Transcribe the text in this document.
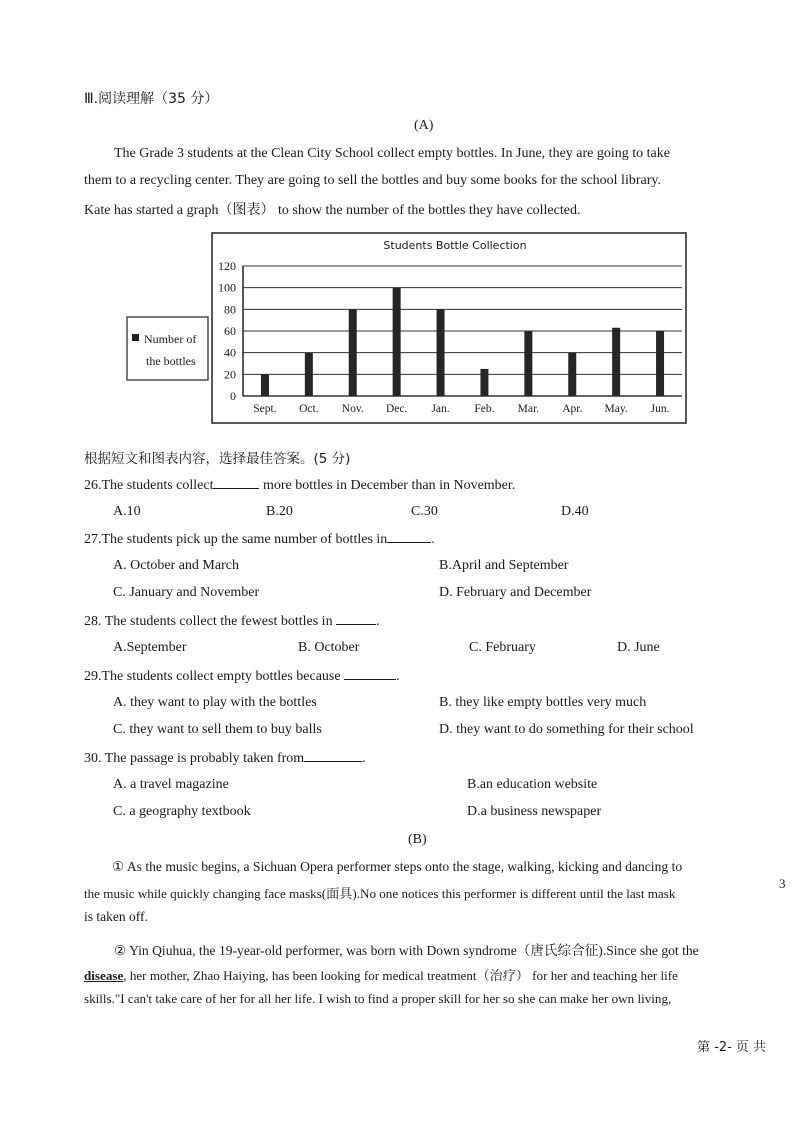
Ⅲ.阅读理解（35 分）
(A)
The Grade 3 students at the Clean City School collect empty bottles. In June, they are going to take
them to a recycling center. They are going to sell the bottles and buy some books for the school library.
Kate has started a graph（图表） to show the number of the bottles they have collected.
Students Bottle Collection
Number of
the bottles
0
20
40
60
80
100
120
Sept. Oct. Nov. Dec. Jan. Feb. Mar. Apr. May. Jun.
根据短文和图表内容，选择最佳答案。(5 分)
26.The students collect	more bottles in December than in November.
A.10	B.20	C.30	D.40
27.The students pick up the same number of bottles in	.
A. October and March	B.April and September
C. January and November	D. February and December
28. The students collect the fewest bottles in	.
A.September	B. October	C. February	D. June
29.The students collect empty bottles because	.
A. they want to play with the bottles	B. they like empty bottles very much
C. they want to sell them to buy balls	D. they want to do something for their school
30. The passage is probably taken from	.
A. a travel magazine	B.an education website
C. a geography textbook	D.a business newspaper
(B)
① As the music begins, a Sichuan Opera performer steps onto the stage, walking, kicking and dancing to
the music while quickly changing face masks(面具).No one notices this performer is different until the last mask
is taken off.
② Yin Qiuhua, the 19-year-old performer, was born with Down syndrome（唐氏综合征).Since she got the
disease, her mother, Zhao Haiying, has been looking for medical treatment（治疗） for her and teaching her life
skills."I can't take care of her for all her life. I wish to find a proper skill for her so she can make her own living,
第 -2- 页 共
3
